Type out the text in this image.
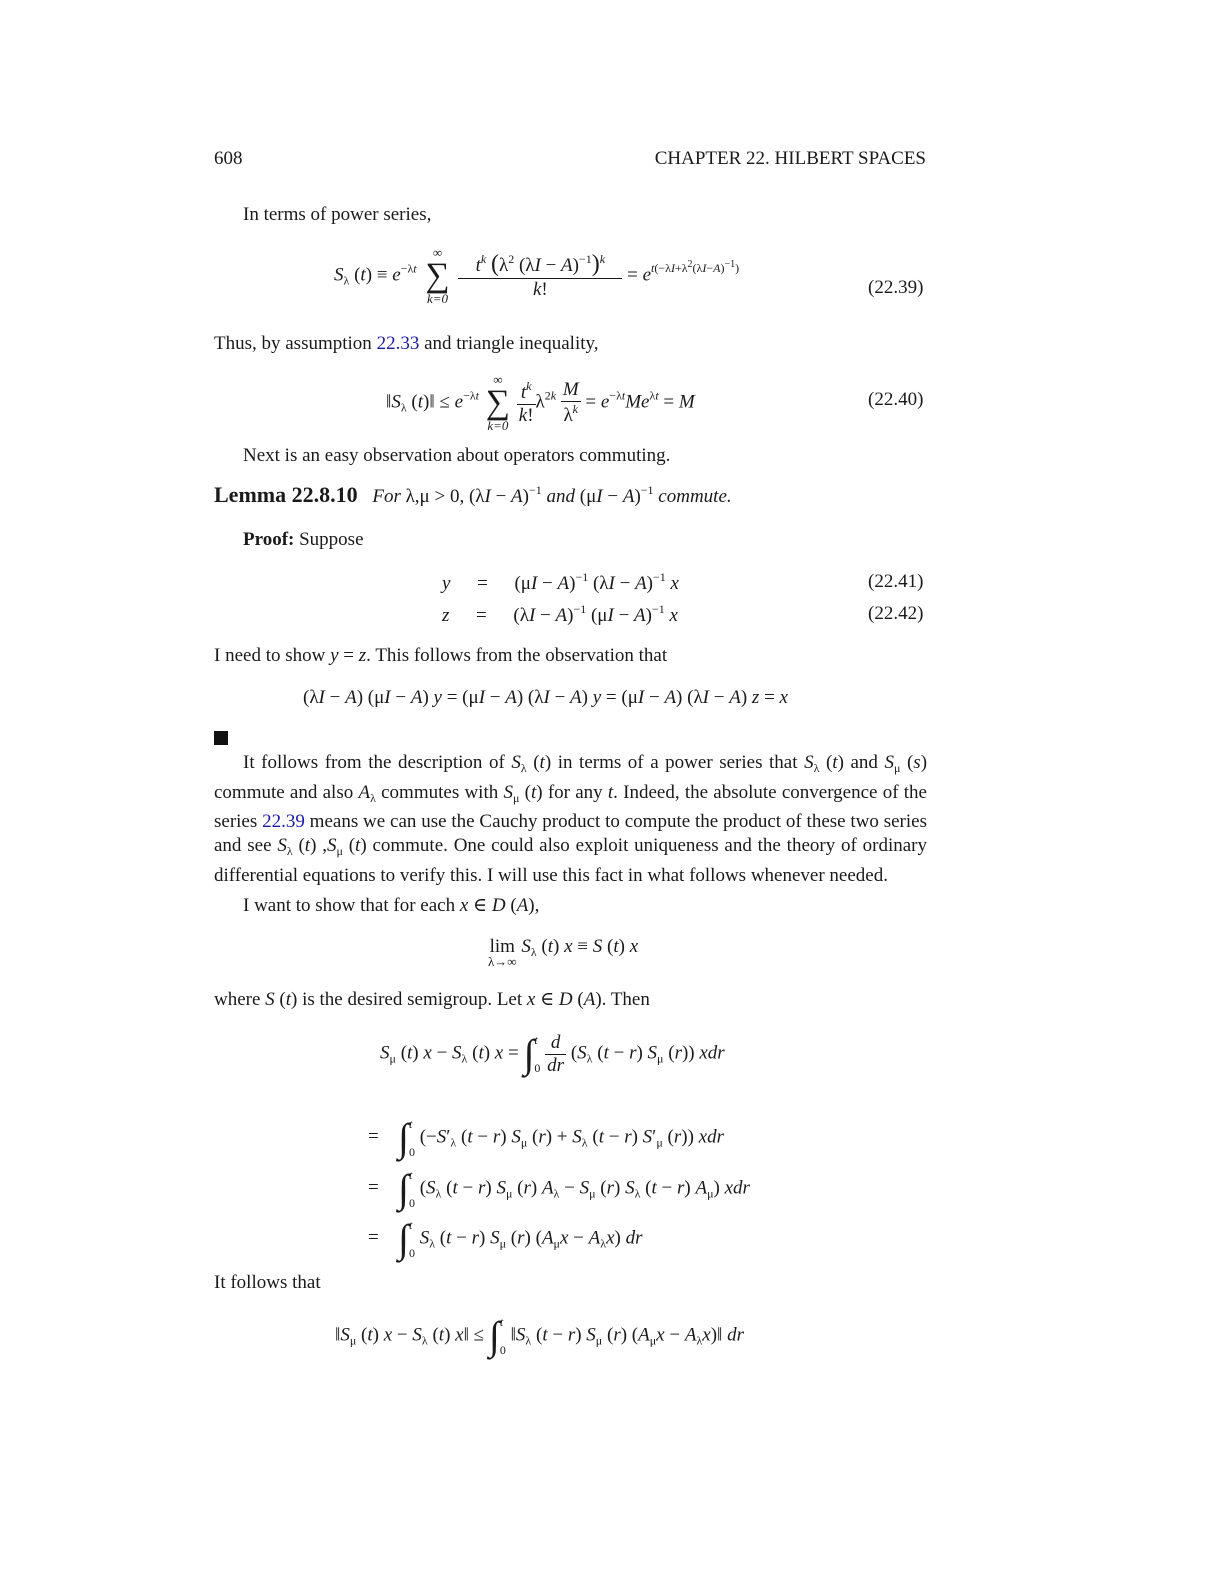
608	CHAPTER 22. HILBERT SPACES
In terms of power series,
$S_\lambda$ $(t) \equiv e^{-\lambda t}$
∞
∑
k=0
$\frac{t^k (\lambda^2 (\lambda I - A)^{-1})^k}{k!} = e^{t(-\lambda I+\lambda^2(\lambda I-A)^{-1})}$
(22.39)
Thus, by assumption 22.33 and triangle inequality,
$‖S_\lambda$ (t)‖ ≤ $e^{-\lambda t}$
∞
∑
k=0
$\frac{t^k}{k!} \lambda^{2k} \frac{M}{\lambda^k} = e^{-\lambda t}Me^{\lambda t} = M$	(22.40)
Next is an easy observation about operators commuting.
Lemma 22.8.10 For λ,μ > 0, $(\lambda I - A)^{-1}$ and $(\mu I - A)^{-1}$ commute.
Proof: Suppose
$y = (\mu I - A)^{-1}$ $(\lambda I - A)^{-1}$ x	(22.41)
$z = (\lambda I - A)^{-1}$ $(\mu I - A)^{-1}$ x	(22.42)
I need to show y = z. This follows from the observation that
(λI − A) (μI − A) y = (μI − A) (λI − A) y = (μI − A) (λI − A) z = x
It follows from the description of $S_\lambda$ (t) in terms of a power series that $S_\lambda$ (t) and $S_\mu$ (s) commute and also $A_\lambda$ commutes with $S_\mu$ (t) for any t. Indeed, the absolute convergence of the series 22.39 means we can use the Cauchy product to compute the product of these two series and see $S_\lambda$ (t) $,S_\mu$ (t) commute. One could also exploit uniqueness and the theory of ordinary differential equations to verify this. I will use this fact in what follows whenever needed.
I want to show that for each x ∈ D (A),
lim
λ→∞
$S_\lambda$ (t) x ≡ S (t) x
where S (t) is the desired semigroup. Let x ∈ D (A). Then
$S_\mu$ (t) $x - S_\lambda$ (t) x = ∫ t
0
$\frac{d}{dr} (S_\lambda$ (t − r) $S_\mu$ (r)) xdr
= ∫ t
0
($-S'_\lambda$ (t − r) $S_\mu$ $(r) + S_\lambda$ (t − r) $S'_\mu$ (r)) xdr
= ∫ t
0
($S_\lambda$ (t − r) $S_\mu$ (r) $A_\lambda - S_\mu$ (r) $S_\lambda$ (t − r) $A_\mu$) xdr
= ∫ t
0
$S_\lambda$ (t − r) $S_\mu$ (r) $(A_\mu x - A_\lambda x)$ dr
It follows that
$‖S_\mu$ (t) $x - S_\lambda$ (t) x‖ ≤ ∫ t
0
$‖S_\lambda$ (t − r) $S_\mu$ (r) ($A_\mu x$ − $A_\lambda x)‖$ dr
